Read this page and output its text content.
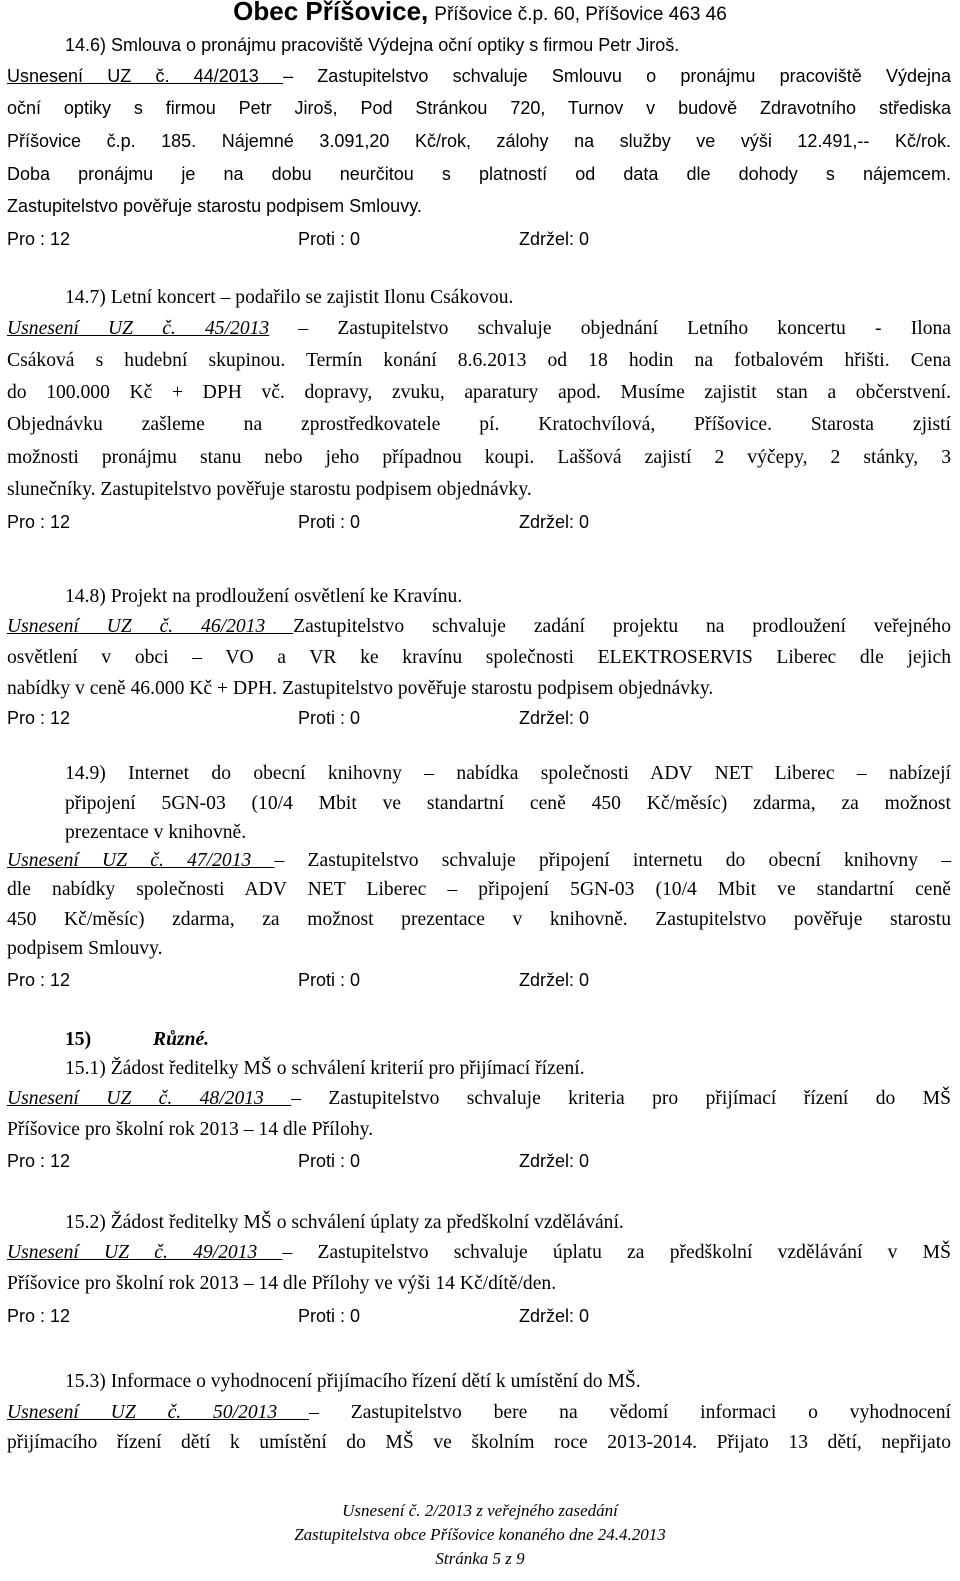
Obec Příšovice, Příšovice č.p. 60, Příšovice 463 46
14.6) Smlouva o pronájmu pracoviště Výdejna oční optiky s firmou Petr Jiroš.
Usnesení UZ č. 44/2013 – Zastupitelstvo schvaluje Smlouvu o pronájmu pracoviště Výdejna
oční optiky s firmou Petr Jiroš, Pod Stránkou 720, Turnov v budově Zdravotního střediska
Příšovice č.p. 185. Nájemné 3.091,20 Kč/rok, zálohy na služby ve výši 12.491,-- Kč/rok.
Doba pronájmu je na dobu neurčitou s platností od data dle dohody s nájemcem.
Zastupitelstvo pověřuje starostu podpisem Smlouvy.
Pro : 12	Proti : 0	Zdržel: 0
14.7) Letní koncert – podařilo se zajistit Ilonu Csákovou.
Usnesení UZ č. 45/2013 – Zastupitelstvo schvaluje objednání Letního koncertu - Ilona
Csáková s hudební skupinou. Termín konání 8.6.2013 od 18 hodin na fotbalovém hřišti. Cena
do 100.000 Kč + DPH vč. dopravy, zvuku, aparatury apod. Musíme zajistit stan a občerstvení.
Objednávku zašleme na zprostředkovatele pí. Kratochvílová, Příšovice. Starosta zjistí
možnosti pronájmu stanu nebo jeho případnou koupi. Laššová zajistí 2 výčepy, 2 stánky, 3
slunečníky. Zastupitelstvo pověřuje starostu podpisem objednávky.
Pro : 12	Proti : 0	Zdržel: 0
14.8) Projekt na prodloužení osvětlení ke Kravínu.
Usnesení UZ č. 46/2013 Zastupitelstvo schvaluje zadání projektu na prodloužení veřejného
osvětlení v obci – VO a VR ke kravínu společnosti ELEKTROSERVIS Liberec dle jejich
nabídky v ceně 46.000 Kč + DPH. Zastupitelstvo pověřuje starostu podpisem objednávky.
Pro : 12	Proti : 0	Zdržel: 0
14.9) Internet do obecní knihovny – nabídka společnosti ADV NET Liberec – nabízejí
připojení 5GN-03 (10/4 Mbit ve standartní ceně 450 Kč/měsíc) zdarma, za možnost
prezentace v knihovně.
Usnesení UZ č. 47/2013 – Zastupitelstvo schvaluje připojení internetu do obecní knihovny –
dle nabídky společnosti ADV NET Liberec – připojení 5GN-03 (10/4 Mbit ve standartní ceně
450 Kč/měsíc) zdarma, za možnost prezentace v knihovně. Zastupitelstvo pověřuje starostu
podpisem Smlouvy.
Pro : 12	Proti : 0	Zdržel: 0
15)	Různé.
15.1) Žádost ředitelky MŠ o schválení kriterií pro přijímací řízení.
Usnesení UZ č. 48/2013 – Zastupitelstvo schvaluje kriteria pro přijímací řízení do MŠ
Příšovice pro školní rok 2013 – 14 dle Přílohy.
Pro : 12	Proti : 0	Zdržel: 0
15.2) Žádost ředitelky MŠ o schválení úplaty za předškolní vzdělávání.
Usnesení UZ č. 49/2013 – Zastupitelstvo schvaluje úplatu za předškolní vzdělávání v MŠ
Příšovice pro školní rok 2013 – 14 dle Přílohy ve výši 14 Kč/dítě/den.
Pro : 12	Proti : 0	Zdržel: 0
15.3) Informace o vyhodnocení přijímacího řízení dětí k umístění do MŠ.
Usnesení UZ č. 50/2013 – Zastupitelstvo bere na vědomí informaci o vyhodnocení
přijímacího řízení dětí k umístění do MŠ ve školním roce 2013-2014. Přijato 13 dětí, nepřijato
Usnesení č. 2/2013 z veřejného zasedání
Zastupitelstva obce Příšovice konaného dne 24.4.2013
Stránka 5 z 9
